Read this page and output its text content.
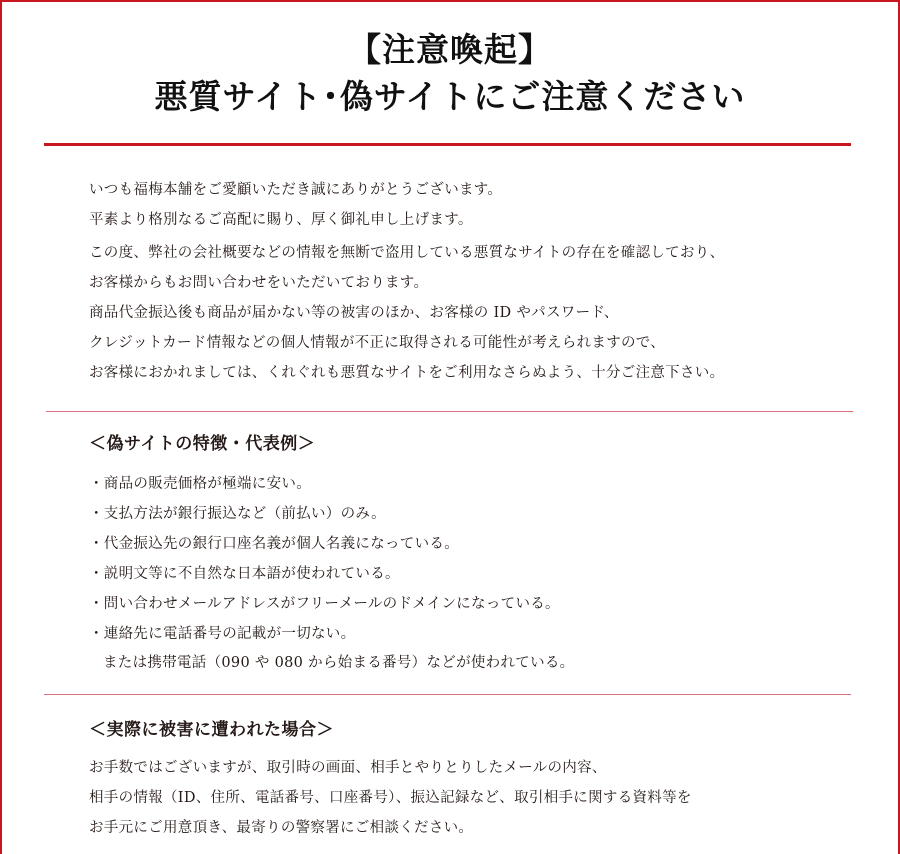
【注意喚起】
悪質サイト･偽サイトにご注意ください
いつも福梅本舗をご愛顧いただき誠にありがとうございます。
平素より格別なるご高配に賜り、厚く御礼申し上げます。
この度、弊社の会社概要などの情報を無断で盗用している悪質なサイトの存在を確認しており、
お客様からもお問い合わせをいただいております。
商品代金振込後も商品が届かない等の被害のほか、お客様の ID やパスワード、
クレジットカード情報などの個人情報が不正に取得される可能性が考えられますので、
お客様におかれましては、くれぐれも悪質なサイトをご利用なさらぬよう、十分ご注意下さい。
＜偽サイトの特徴・代表例＞
・商品の販売価格が極端に安い。
・支払方法が銀行振込など（前払い）のみ。
・代金振込先の銀行口座名義が個人名義になっている。
・説明文等に不自然な日本語が使われている。
・問い合わせメールアドレスがフリーメールのドメインになっている。
・連絡先に電話番号の記載が一切ない。
または携帯電話（090 や 080 から始まる番号）などが使われている。
＜実際に被害に遭われた場合＞
お手数ではございますが、取引時の画面、相手とやりとりしたメールの内容、
相手の情報（ID、住所、電話番号、口座番号）、振込記録など、取引相手に関する資料等を
お手元にご用意頂き、最寄りの警察署にご相談ください。
